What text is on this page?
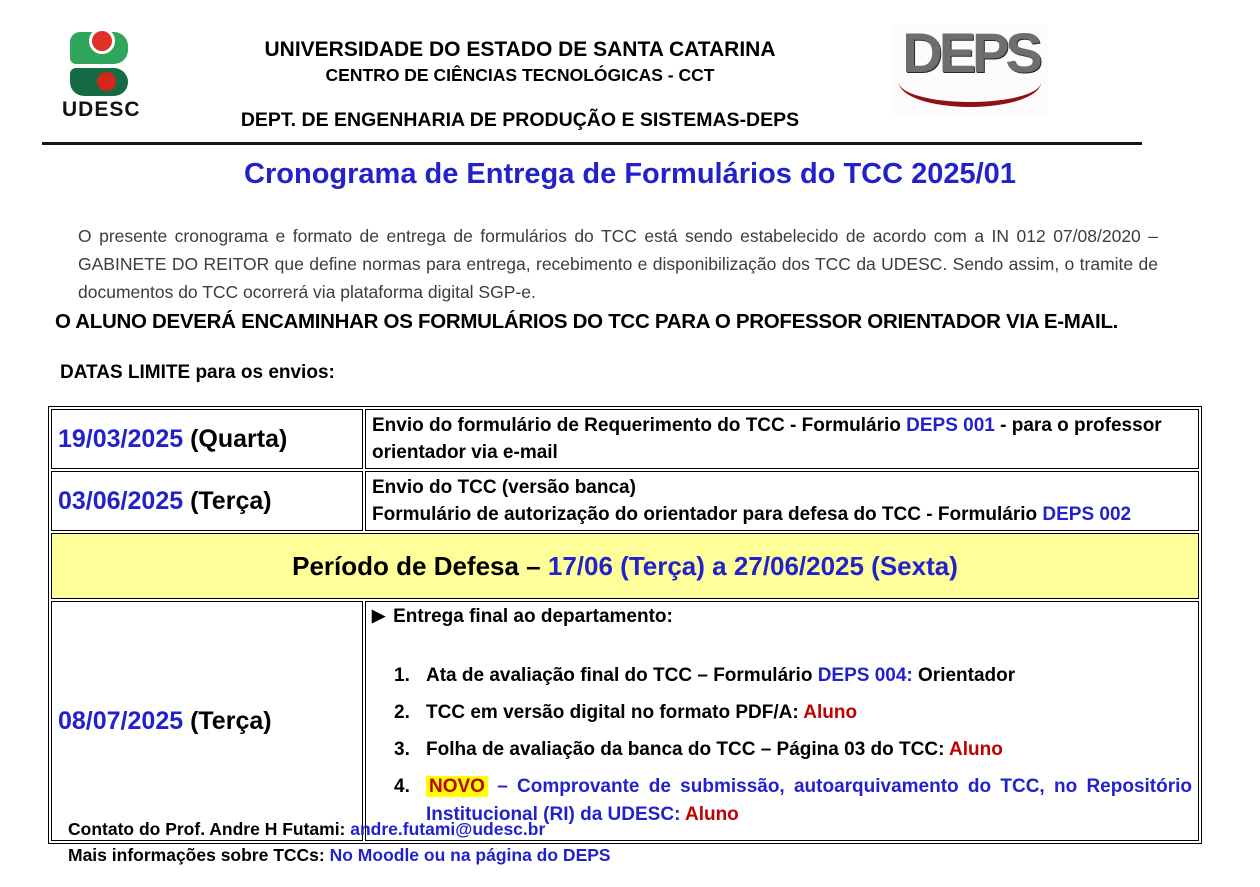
UDESC
UNIVERSIDADE DO ESTADO DE SANTA CATARINA
CENTRO DE CIÊNCIAS TECNOLÓGICAS - CCT
DEPT. DE ENGENHARIA DE PRODUÇÃO E SISTEMAS-DEPS
DEPS
Cronograma de Entrega de Formulários do TCC 2025/01

O presente cronograma e formato de entrega de formulários do TCC está sendo estabelecido de acordo com a IN 012 07/08/2020 – GABINETE DO REITOR que define normas para entrega, recebimento e disponibilização dos TCC da UDESC. Sendo assim, o tramite de documentos do TCC ocorrerá via plataforma digital SGP-e.

O ALUNO DEVERÁ ENCAMINHAR OS FORMULÁRIOS DO TCC PARA O PROFESSOR ORIENTADOR VIA E-MAIL.
DATAS LIMITE para os envios:
19/03/2025 (Quarta)	Envio do formulário de Requerimento do TCC - Formulário DEPS 001 - para o professor orientador via e-mail
03/06/2025 (Terça)	Envio do TCC (versão banca)
Formulário de autorização do orientador para defesa do TCC - Formulário DEPS 002

Período de Defesa – 17/06 (Terça) a 27/06/2025 (Sexta)	
08/07/2025 (Terça)	
▶ Entrega final ao departamento:
1. Ata de avaliação final do TCC – Formulário DEPS 004: Orientador
2. TCC em versão digital no formato PDF/A: Aluno
3. Folha de avaliação da banca do TCC – Página 03 do TCC: Aluno
4.	NOVO – Comprovante de submissão, autoarquivamento do TCC, no Repositório Institucional (RI) da UDESC: Aluno
Contato do Prof. Andre H Futami: andre.futami@udesc.br
Mais informações sobre TCCs: No Moodle ou na página do DEPS
